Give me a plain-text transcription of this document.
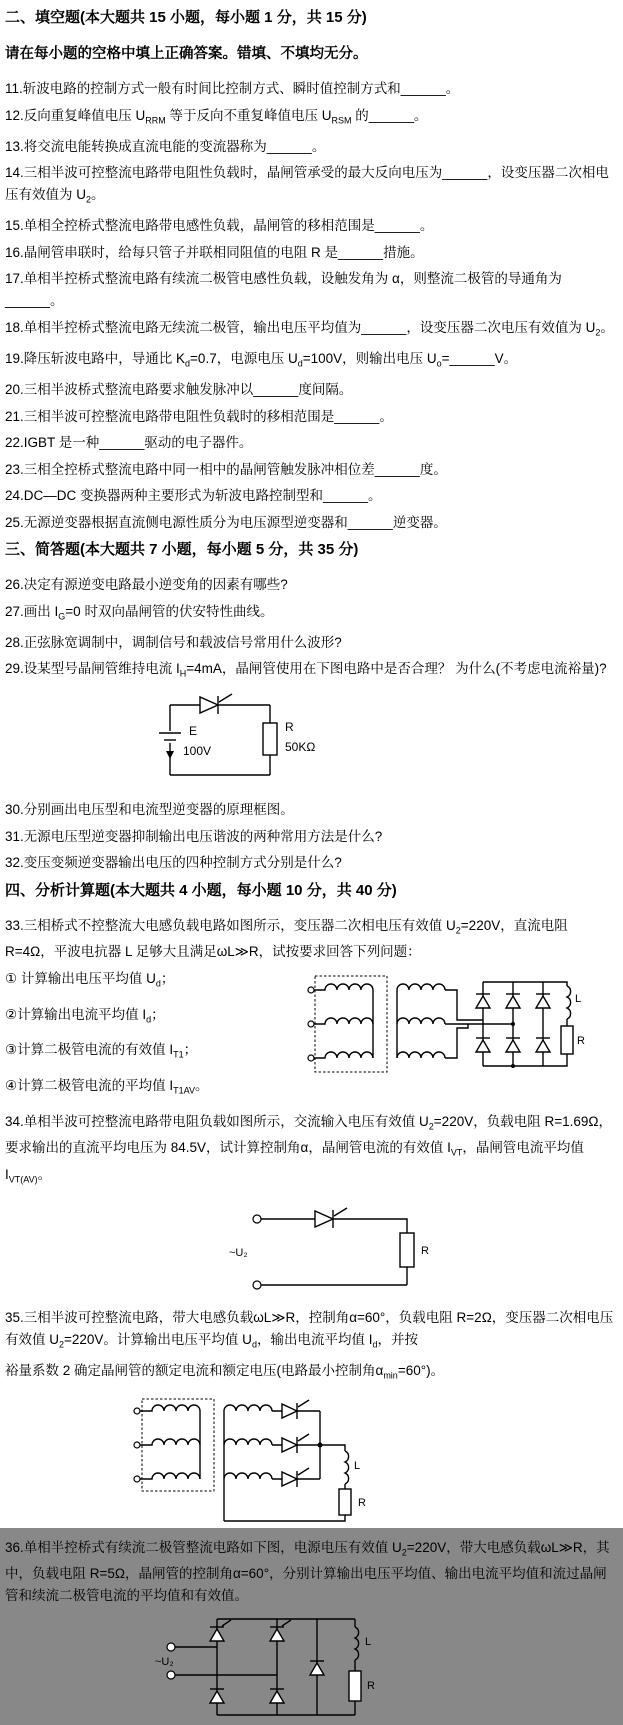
二、填空题(本大题共 15 小题，每小题 1 分，共 15 分)
请在每小题的空格中填上正确答案。错填、不填均无分。
11.斩波电路的控制方式一般有时间比控制方式、瞬时值控制方式和______。
12.反向重复峰值电压 $U_{RRM}$ 等于反向不重复峰值电压 $U_{RSM}$ 的______。
13.将交流电能转换成直流电能的变流器称为______。
14.三相半波可控整流电路带电阻性负载时，晶闸管承受的最大反向电压为______，设变压器二次相电压有效值为 $U_2$。
15.单相全控桥式整流电路带电感性负载，晶闸管的移相范围是______。
16.晶闸管串联时，给每只管子并联相同阻值的电阻 R 是______措施。
17.单相半控桥式整流电路有续流二极管电感性负载，设触发角为 α，则整流二极管的导通角为______。
18.单相半控桥式整流电路无续流二极管，输出电压平均值为______，设变压器二次电压有效值为 $U_2$。
19.降压斩波电路中，导通比 $K_d=0.7$，电源电压 $U_d=100V$，则输出电压 $U_o=\_\_\_\_\_\_V$。
20.三相半波桥式整流电路要求触发脉冲以______度间隔。
21.三相半波可控整流电路带电阻性负载时的移相范围是______。
22.IGBT 是一种______驱动的电子器件。
23.三相全控桥式整流电路中同一相中的晶闸管触发脉冲相位差______度。
24.DC—DC 变换器两种主要形式为斩波电路控制型和______。
25.无源逆变器根据直流侧电源性质分为电压源型逆变器和______逆变器。
三、简答题(本大题共 7 小题，每小题 5 分，共 35 分)
26.决定有源逆变电路最小逆变角的因素有哪些?
27.画出 $I_G=0$ 时双向晶闸管的伏安特性曲线。
28.正弦脉宽调制中，调制信号和载波信号常用什么波形?
29.设某型号晶闸管维持电流 $I_H=4mA$，晶闸管使用在下图电路中是否合理？ 为什么(不考虑电流裕量)?
E
100V
R
50KΩ
30.分别画出电压型和电流型逆变器的原理框图。
31.无源电压型逆变器抑制输出电压谐波的两种常用方法是什么?
32.变压变频逆变器输出电压的四种控制方式分别是什么?
四、分析计算题(本大题共 4 小题，每小题 10 分，共 40 分)
33.三相桥式不控整流大电感负载电路如图所示，变压器二次相电压有效值 $U_2=220V$，直流电阻 R=4Ω，平波电抗器 L 足够大且满足ωL≫R，试按要求回答下列问题：
① 计算输出电压平均值 $U_d$；
②计算输出电流平均值 $I_d$；
③计算二极管电流的有效值 $I_{T1}$；
④计算二极管电流的平均值 $I_{T1AV}$。
L
R
34.单相半波可控整流电路带电阻负载如图所示，交流输入电压有效值 $U_2=220V$，负载电阻 R=1.69Ω，要求输出的直流平均电压为 84.5V，试计算控制角α，晶闸管电流的有效值 $I_{VT}$，晶闸管电流平均值 $I_{VT(AV)}$。
~U₂	R
35.三相半波可控整流电路，带大电感负载ωL≫R，控制角α=60°，负载电阻 R=2Ω，变压器二次相电压有效值 $U_2=220V$。计算输出电压平均值 $U_d$，输出电流平均值 $I_d$，并按
裕量系数 2 确定晶闸管的额定电流和额定电压(电路最小控制角$\alpha_{min}=60^\circ$)。
L
R
36.单相半控桥式有续流二极管整流电路如下图，电源电压有效值 $U_2=220V$，带大电感负载ωL≫R，其中，负载电阻 R=5Ω，晶闸管的控制角α=60°，分别计算输出电压平均值、输出电流平均值和流过晶闸管和续流二极管电流的平均值和有效值。
~U₂
L
R
